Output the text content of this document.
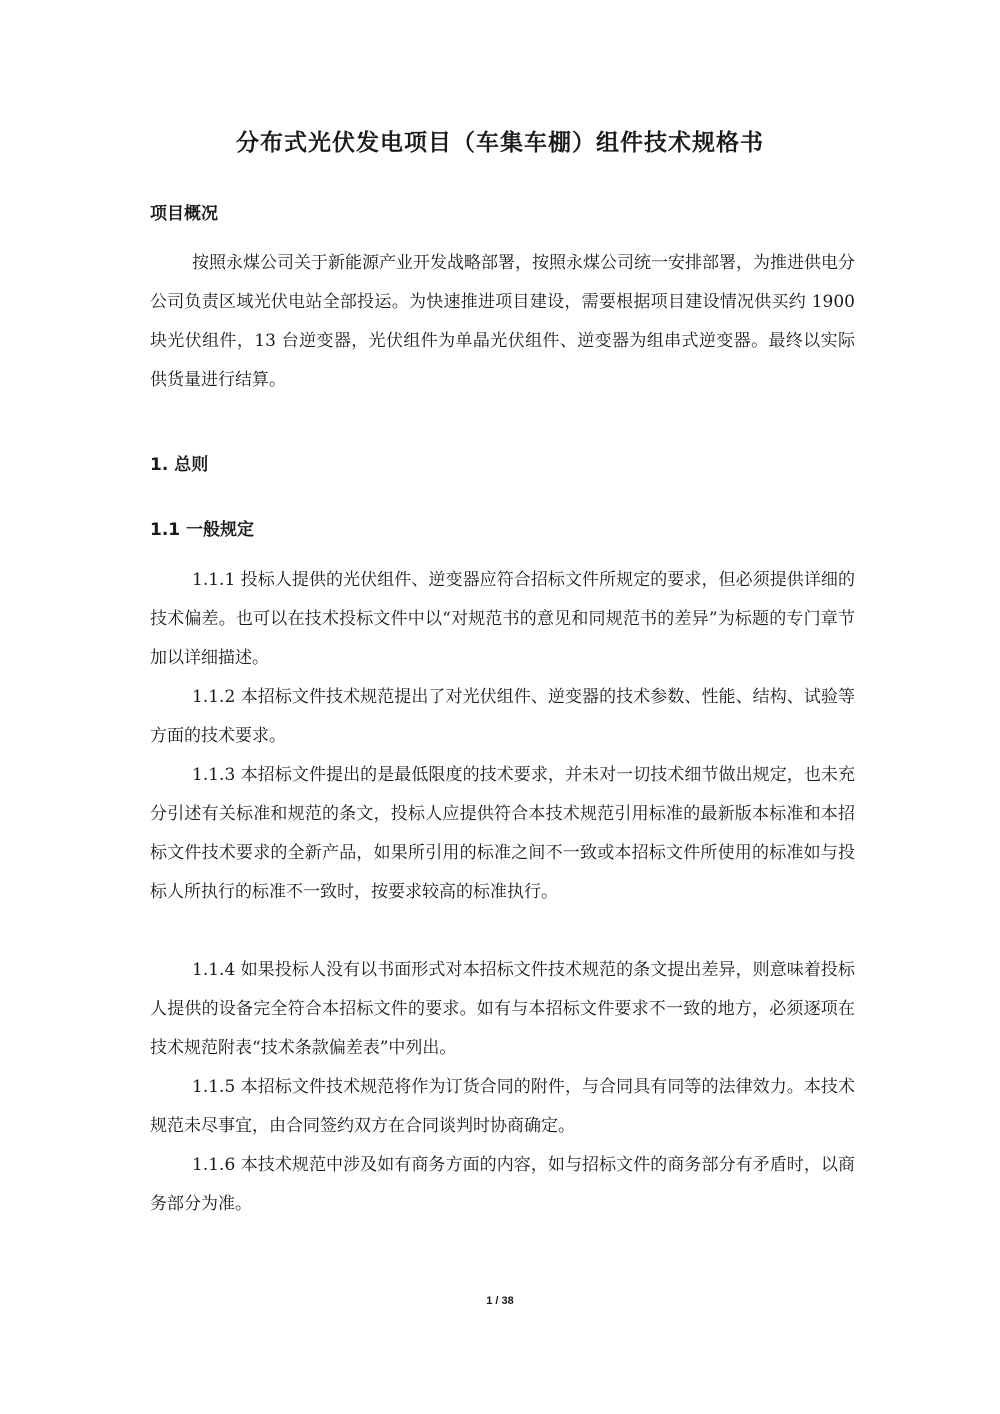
分布式光伏发电项目（车集车棚）组件技术规格书
项目概况
按照永煤公司关于新能源产业开发战略部署，按照永煤公司统一安排部署，为推进供电分公司负责区域光伏电站全部投运。为快速推进项目建设，需要根据项目建设情况供买约 1900 块光伏组件，13 台逆变器，光伏组件为单晶光伏组件、逆变器为组串式逆变器。最终以实际供货量进行结算。
1. 总则
1.1 一般规定
1.1.1 投标人提供的光伏组件、逆变器应符合招标文件所规定的要求，但必须提供详细的技术偏差。也可以在技术投标文件中以“对规范书的意见和同规范书的差异”为标题的专门章节加以详细描述。
1.1.2 本招标文件技术规范提出了对光伏组件、逆变器的技术参数、性能、结构、试验等方面的技术要求。
1.1.3 本招标文件提出的是最低限度的技术要求，并未对一切技术细节做出规定，也未充分引述有关标准和规范的条文，投标人应提供符合本技术规范引用标准的最新版本标准和本招标文件技术要求的全新产品，如果所引用的标准之间不一致或本招标文件所使用的标准如与投标人所执行的标准不一致时，按要求较高的标准执行。
1.1.4 如果投标人没有以书面形式对本招标文件技术规范的条文提出差异，则意味着投标人提供的设备完全符合本招标文件的要求。如有与本招标文件要求不一致的地方，必须逐项在技术规范附表“技术条款偏差表”中列出。
1.1.5 本招标文件技术规范将作为订货合同的附件，与合同具有同等的法律效力。本技术规范未尽事宜，由合同签约双方在合同谈判时协商确定。
1.1.6 本技术规范中涉及如有商务方面的内容，如与招标文件的商务部分有矛盾时，以商务部分为准。
1 / 38
